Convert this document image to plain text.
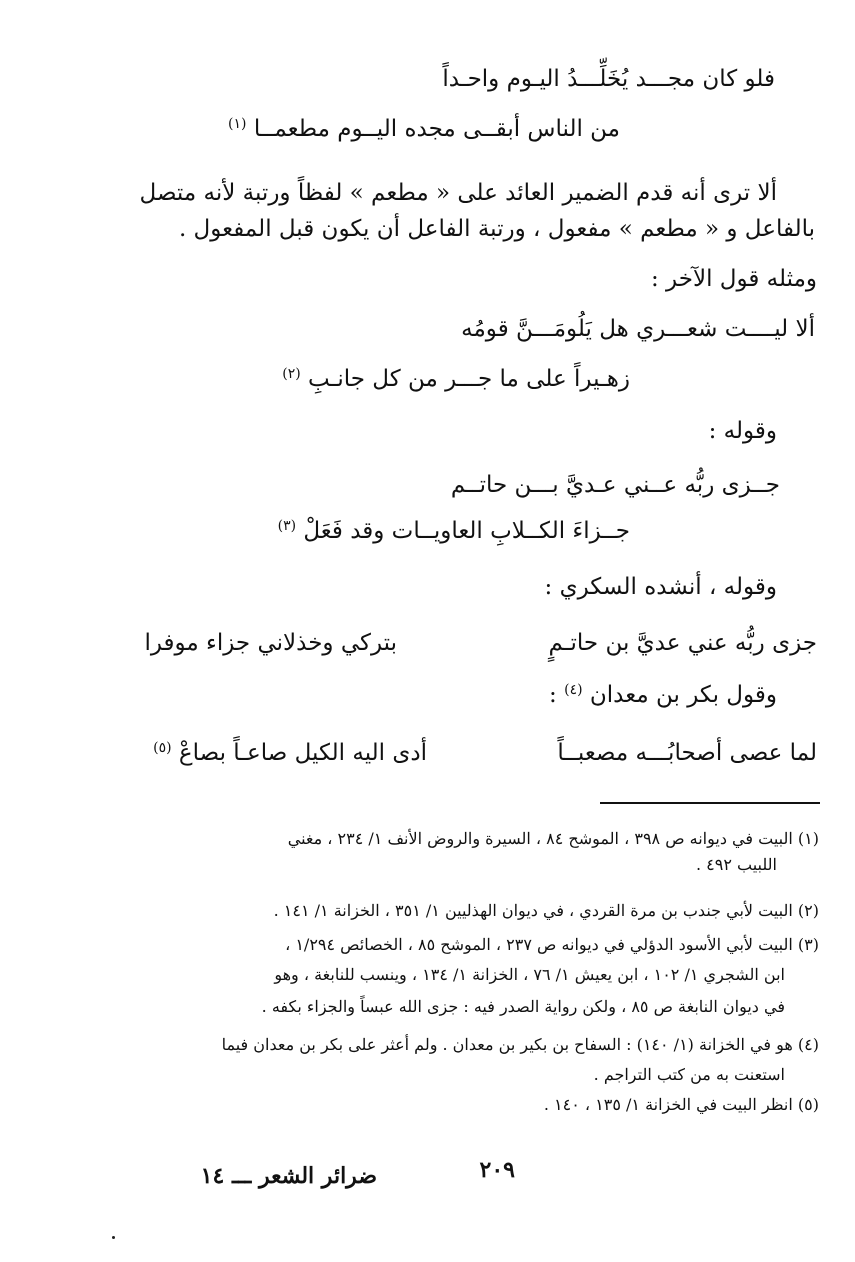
فلو كان مجـــد يُخَلِّـــدُ اليـوم واحـداً
من الناس أبقــى مجده اليــوم مطعمــا $^{(١)}$
ألا ترى أنه قدم الضمير العائد على « مطعم » لفظاً ورتبة لأنه متصل
بالفاعل و « مطعم » مفعول ، ورتبة الفاعل أن يكون قبل المفعول .
ومثله قول الآخر :
ألا ليــــت شعـــري هل يَلُومَـــنَّ قومُه
زهـيراً على ما جـــر من كل جانـبِ $^{(٢)}$
وقوله :
جــزى ربُّه عــني عـديَّ بـــن حاتــم
جــزاءَ الكــلابِ العاويــات وقد فَعَلْ $^{(٣)}$
وقوله ، أنشده السكري :
جزى ربُّه عني عديَّ بن حاتـمٍ
بتركي وخذلاني جزاء موفرا
وقول بكر بن معدان $^{(٤)}$ :
لما عصى أصحابُـــه مصعبــاً
أدى اليه الكيل صاعـاً بصاعْ $^{(٥)}$
(١) البيت في ديوانه ص ٣٩٨ ، الموشح ٨٤ ، السيرة والروض الأنف ١/ ٢٣٤ ، مغني
اللبيب ٤٩٢ .
(٢) البيت لأبي جندب بن مرة القردي ، في ديوان الهذليين ١/ ٣٥١ ، الخزانة ١/ ١٤١ .
(٣) البيت لأبي الأسود الدؤلي في ديوانه ص ٢٣٧ ، الموشح ٨٥ ، الخصائص ١/٢٩٤ ،
ابن الشجري ١/ ١٠٢ ، ابن يعيش ١/ ٧٦ ، الخزانة ١/ ١٣٤ ، وينسب للنابغة ، وهو
في ديوان النابغة ص ٨٥ ، ولكن رواية الصدر فيه : جزى الله عبساً والجزاء بكفه .
(٤) هو في الخزانة (١/ ١٤٠) : السفاح بن بكير بن معدان . ولم أعثر على بكر بن معدان فيما
استعنت به من كتب التراجم .
(٥) انظر البيت في الخزانة ١/ ١٣٥ ، ١٤٠ .
٢٠٩
ضرائر الشعر ـــ ١٤
